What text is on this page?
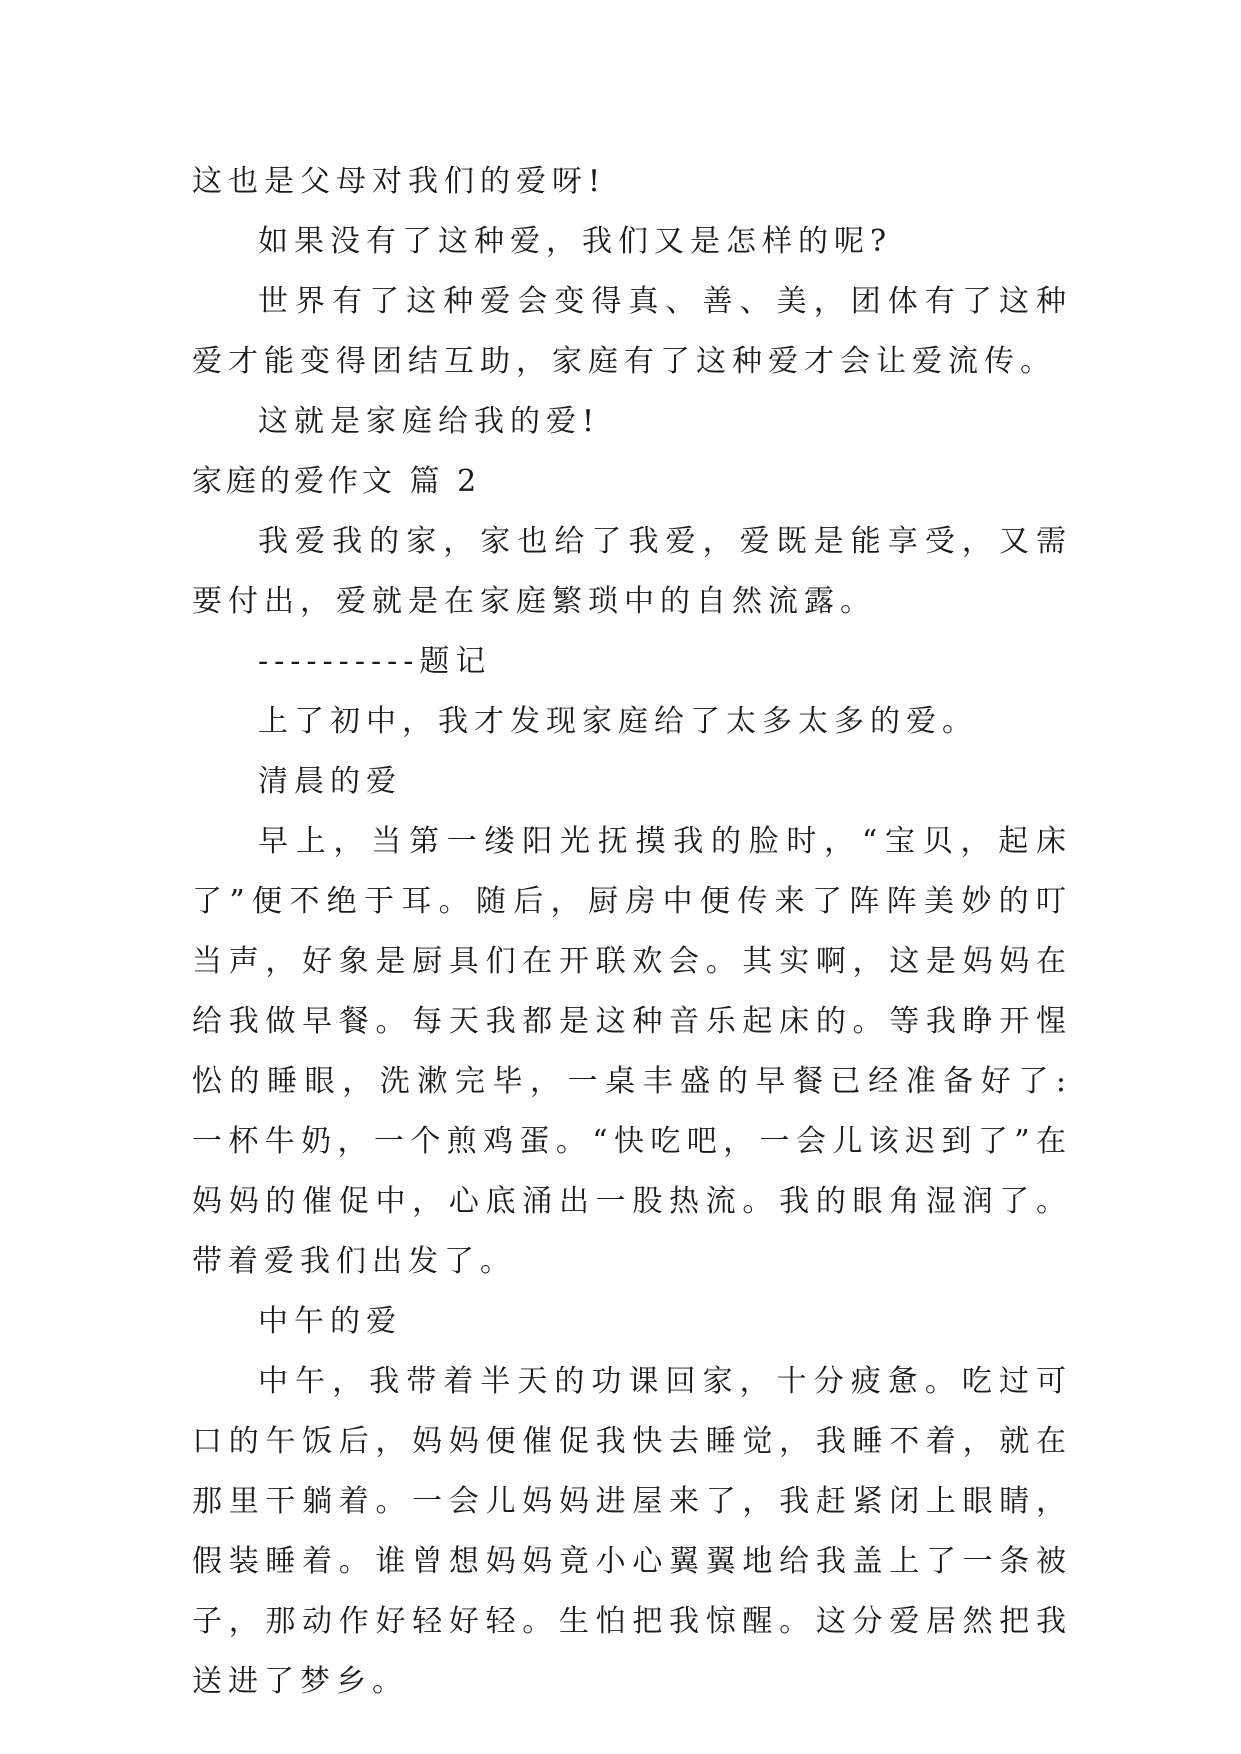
这也是父母对我们的爱呀!

如果没有了这种爱，我们又是怎样的呢?

世界有了这种爱会变得真、善、美，团体有了这种爱才能变得团结互助，家庭有了这种爱才会让爱流传。

这就是家庭给我的爱!

家庭的爱作文 篇 2

我爱我的家，家也给了我爱，爱既是能享受，又需要付出，爱就是在家庭繁琐中的自然流露。

----------题记

上了初中，我才发现家庭给了太多太多的爱。

清晨的爱

早上，当第一缕阳光抚摸我的脸时，“宝贝，起床了”便不绝于耳。随后，厨房中便传来了阵阵美妙的叮当声，好象是厨具们在开联欢会。其实啊，这是妈妈在给我做早餐。每天我都是这种音乐起床的。等我睁开惺忪的睡眼，洗漱完毕，一桌丰盛的早餐已经准备好了:一杯牛奶，一个煎鸡蛋。“快吃吧，一会儿该迟到了”在妈妈的催促中，心底涌出一股热流。我的眼角湿润了。带着爱我们出发了。

中午的爱

中午，我带着半天的功课回家，十分疲惫。吃过可口的午饭后，妈妈便催促我快去睡觉，我睡不着，就在那里干躺着。一会儿妈妈进屋来了，我赶紧闭上眼睛，假装睡着。谁曾想妈妈竟小心翼翼地给我盖上了一条被子，那动作好轻好轻。生怕把我惊醒。这分爱居然把我送进了梦乡。
